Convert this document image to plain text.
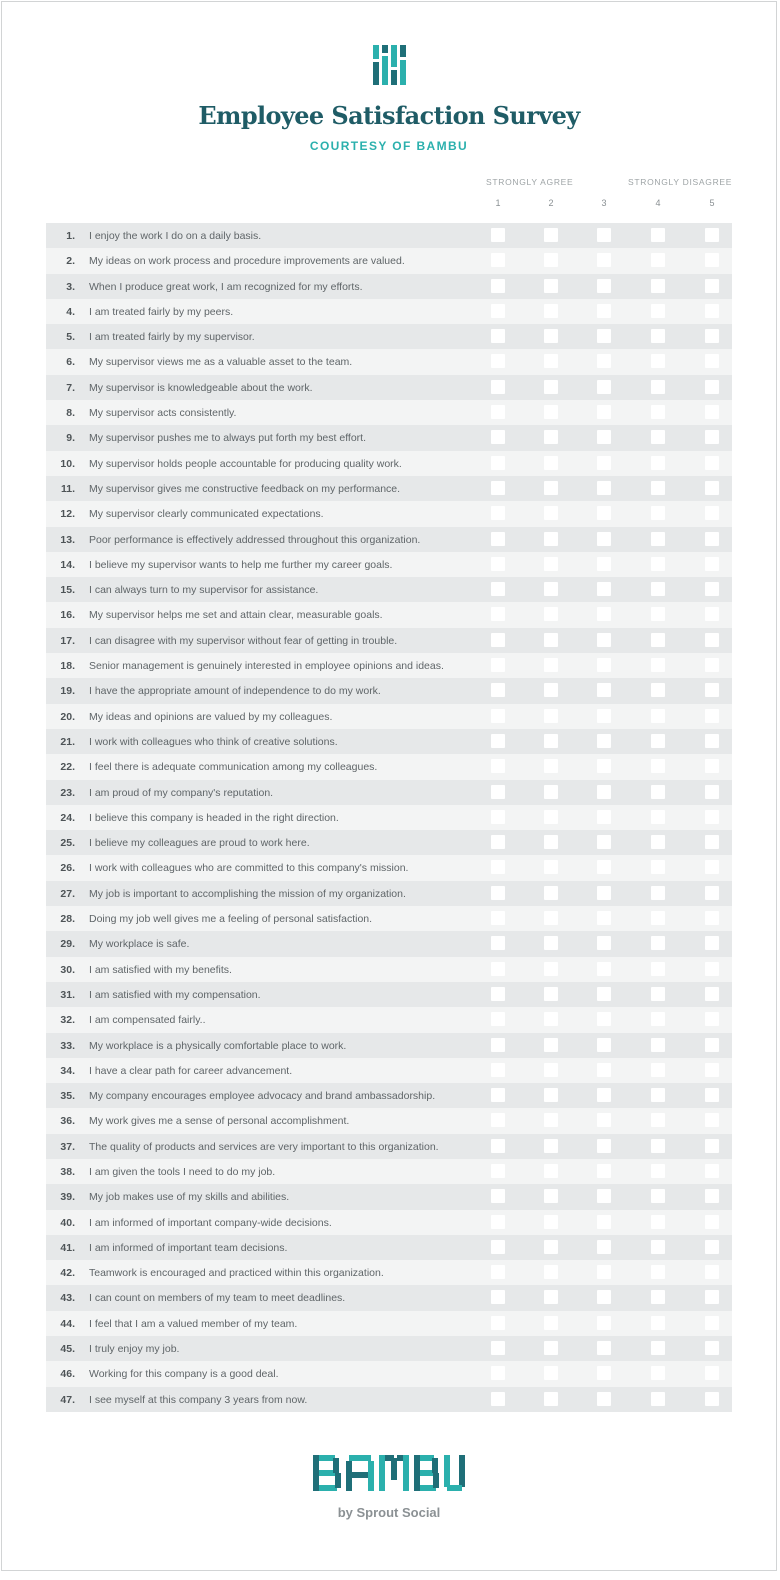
Employee Satisfaction Survey
COURTESY OF BAMBU
STRONGLY AGREE	STRONGLY DISAGREE
1	2	3	4	5
1. I enjoy the work I do on a daily basis.
2. My ideas on work process and procedure improvements are valued.
3. When I produce great work, I am recognized for my efforts.
4. I am treated fairly by my peers.
5. I am treated fairly by my supervisor.
6. My supervisor views me as a valuable asset to the team.
7. My supervisor is knowledgeable about the work.
8. My supervisor acts consistently.
9. My supervisor pushes me to always put forth my best effort.
10. My supervisor holds people accountable for producing quality work.
11. My supervisor gives me constructive feedback on my performance.
12. My supervisor clearly communicated expectations.
13. Poor performance is effectively addressed throughout this organization.
14. I believe my supervisor wants to help me further my career goals.
15. I can always turn to my supervisor for assistance.
16. My supervisor helps me set and attain clear, measurable goals.
17. I can disagree with my supervisor without fear of getting in trouble.
18. Senior management is genuinely interested in employee opinions and ideas.
19. I have the appropriate amount of independence to do my work.
20. My ideas and opinions are valued by my colleagues.
21. I work with colleagues who think of creative solutions.
22. I feel there is adequate communication among my colleagues.
23. I am proud of my company's reputation.
24. I believe this company is headed in the right direction.
25. I believe my colleagues are proud to work here.
26. I work with colleagues who are committed to this company's mission.
27. My job is important to accomplishing the mission of my organization.
28. Doing my job well gives me a feeling of personal satisfaction.
29. My workplace is safe.
30. I am satisfied with my benefits.
31. I am satisfied with my compensation.
32. I am compensated fairly..
33. My workplace is a physically comfortable place to work.
34. I have a clear path for career advancement.
35. My company encourages employee advocacy and brand ambassadorship.
36. My work gives me a sense of personal accomplishment.
37. The quality of products and services are very important to this organization.
38. I am given the tools I need to do my job.
39. My job makes use of my skills and abilities.
40. I am informed of important company-wide decisions.
41. I am informed of important team decisions.
42. Teamwork is encouraged and practiced within this organization.
43. I can count on members of my team to meet deadlines.
44. I feel that I am a valued member of my team.
45. I truly enjoy my job.
46. Working for this company is a good deal.
47. I see myself at this company 3 years from now.
by Sprout Social
